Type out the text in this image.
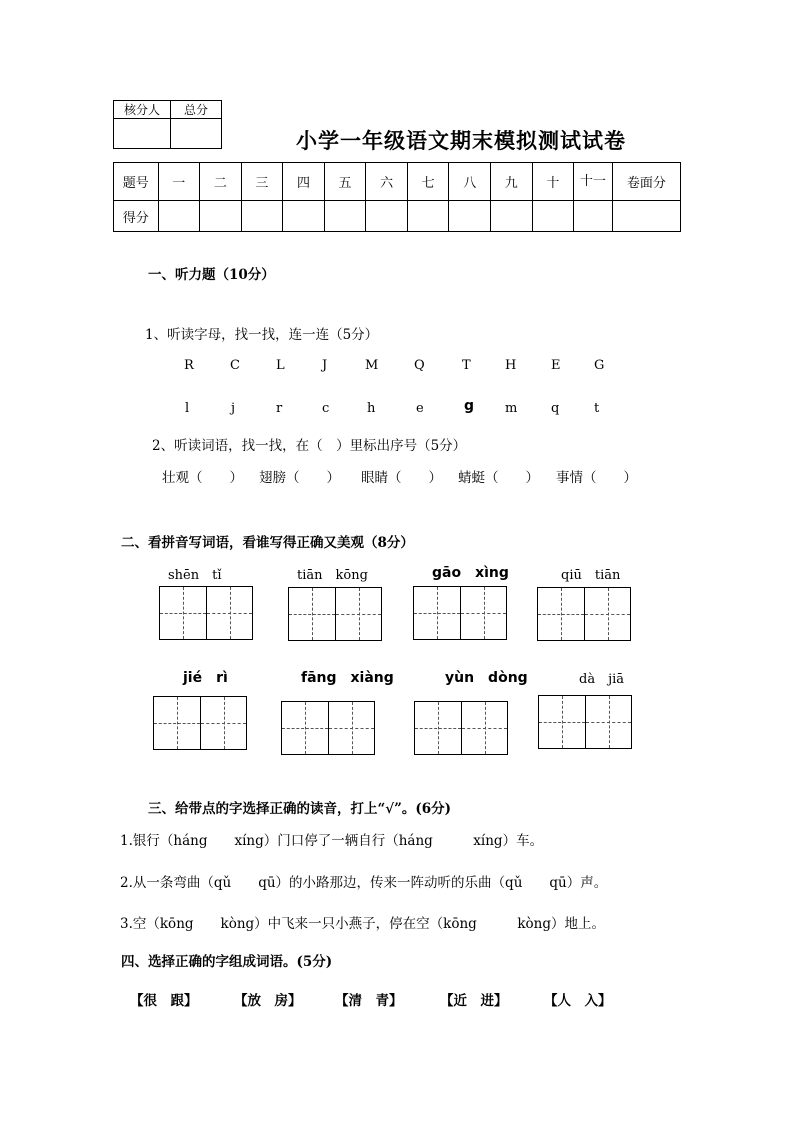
核分人	总分

小学一年级语文期末模拟测试试卷
题号	一	二	三	四	五	六	七	八	九	十	十一	卷面分
得分												
一、听力题（10分）
1、听读字母，找一找，连一连（5分）
R	C	L	J	M	Q	T	H	E	G
l	j	r	c	h	e	g m	q	t
2、听读词语，找一找，在（　）里标出序号（5分）
壮观（　　） 翅膀（　　） 眼睛（　　） 蜻蜓（　　） 事情（　　）
二、看拼音写词语，看谁写得正确又美观（8分）
shēn　tǐ	tiān　kōng	gāo　xìng	qiū　tiān
jié　rì	fāng　xiàng	yùn　dòng	dà　jiā
三、给带点的字选择正确的读音，打上“√”。(6分)
1.银行（háng　　xíng）门口停了一辆自行（háng　　　xíng）车。
2.从一条弯曲（qǔ　　qū）的小路那边，传来一阵动听的乐曲（qǔ　　qū）声。
3.空（kōng　　kòng）中飞来一只小燕子，停在空（kōng　　　kòng）地上。
四、选择正确的字组成词语。(5分)
【很　跟】	【放　房】 【清　青】	【近　进】	【人　入】
